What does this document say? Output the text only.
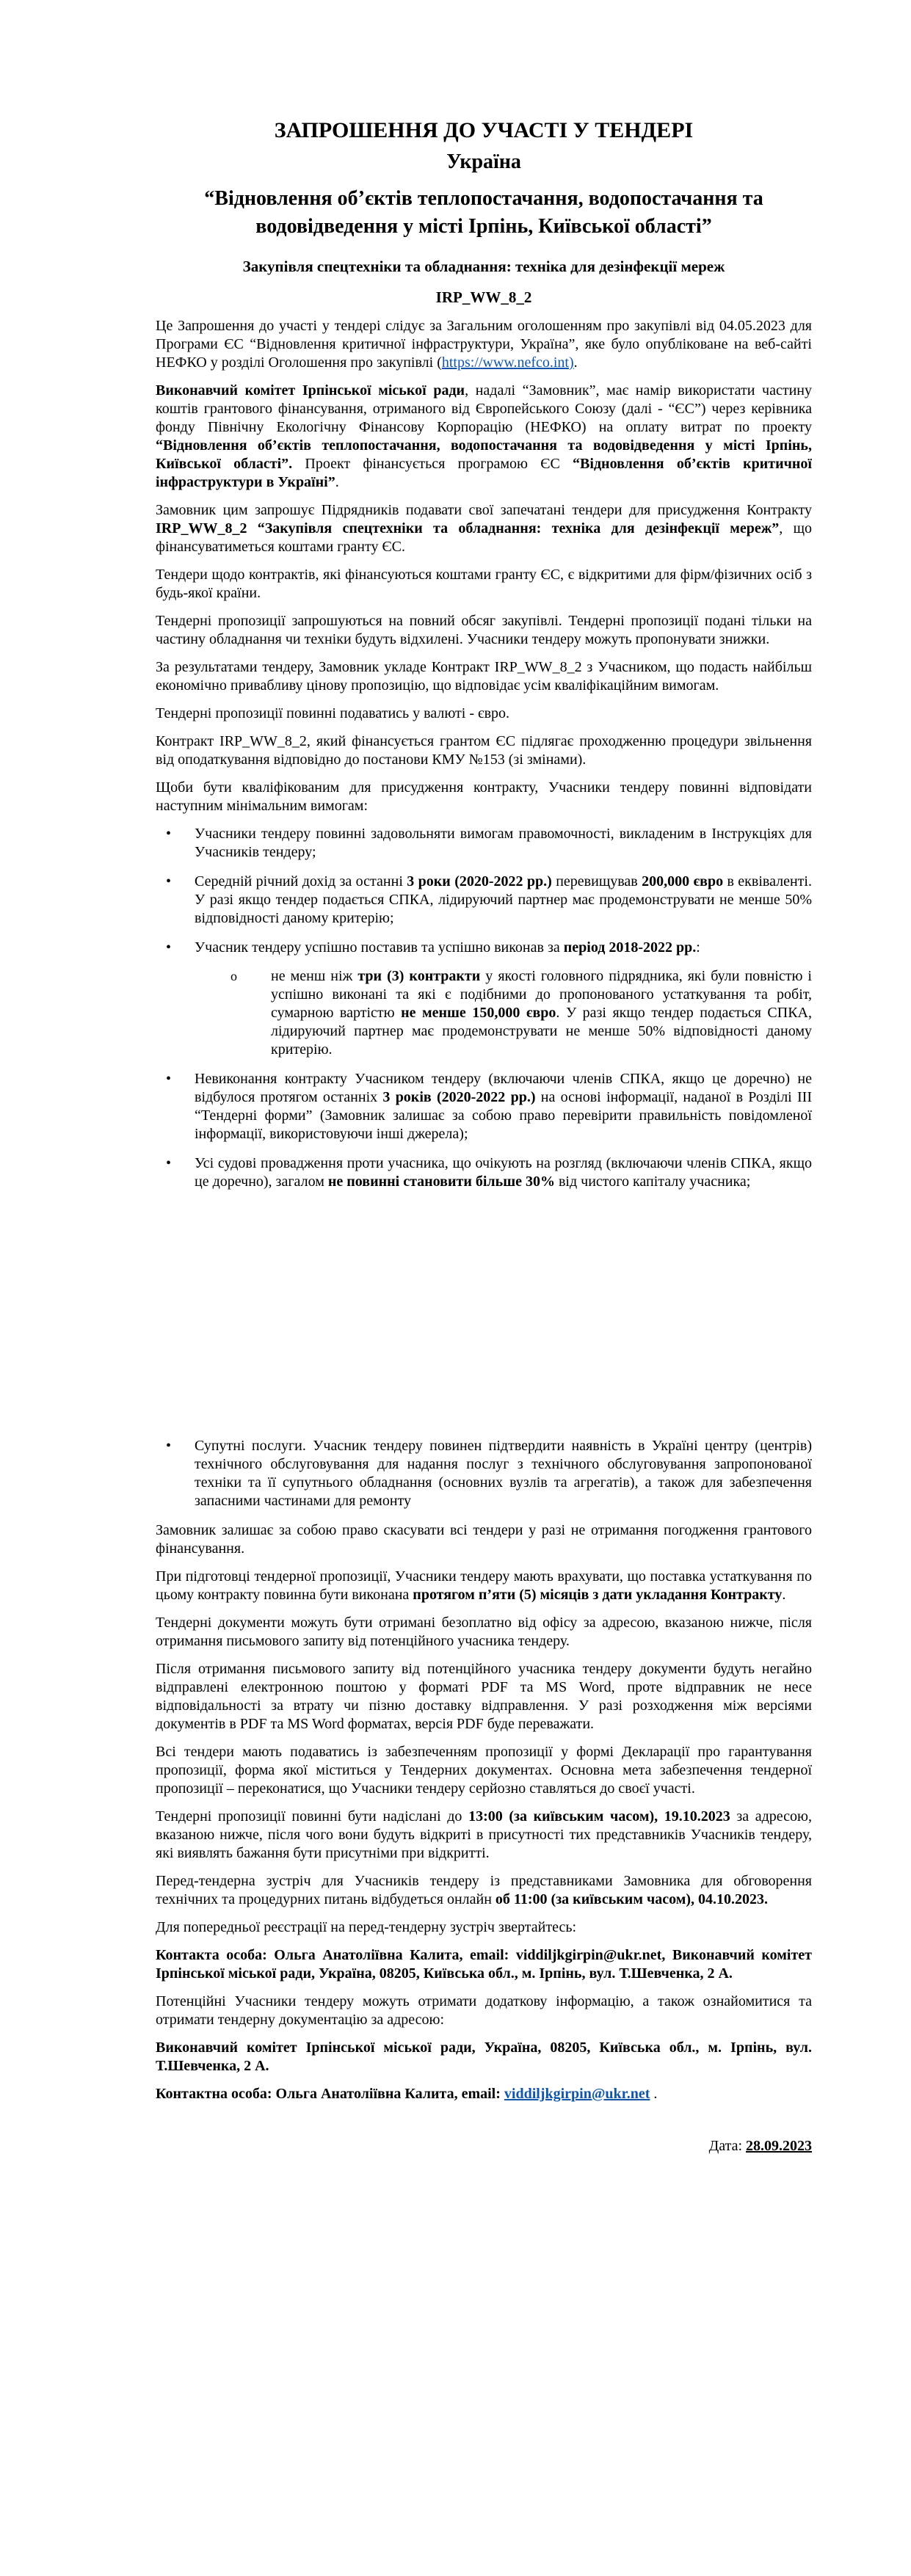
ЗАПРОШЕННЯ ДО УЧАСТІ У ТЕНДЕРІ
Україна
“Відновлення об’єктів теплопостачання, водопостачання та водовідведення у місті Ірпінь, Київської області”
Закупівля спецтехніки та обладнання: техніка для дезінфекції мереж
IRP_WW_8_2

Це Запрошення до участі у тендері слідує за Загальним оголошенням про закупівлі від 04.05.2023 для Програми ЄС “Відновлення критичної інфраструктури, Україна”, яке було опубліковане на веб-сайті НЕФКО у розділі Оголошення про закупівлі (https://www.nefco.int).

Виконавчий комітет Ірпінської міської ради, надалі “Замовник”, має намір використати частину коштів грантового фінансування, отриманого від Європейського Союзу (далі - “ЄС”) через керівника фонду Північну Екологічну Фінансову Корпорацію (НЕФКО) на оплату витрат по проекту “Відновлення об’єктів теплопостачання, водопостачання та водовідведення у місті Ірпінь, Київської області”. Проект фінансується програмою ЄС “Відновлення об’єктів критичної інфраструктури в Україні”.

Замовник цим запрошує Підрядників подавати свої запечатані тендери для присудження Контракту IRP_WW_8_2 “Закупівля спецтехніки та обладнання: техніка для дезінфекції мереж”, що фінансуватиметься коштами гранту ЄС.

Тендери щодо контрактів, які фінансуються коштами гранту ЄС, є відкритими для фірм/фізичних осіб з будь-якої країни.

Тендерні пропозиції запрошуються на повний обсяг закупівлі. Тендерні пропозиції подані тільки на частину обладнання чи техніки будуть відхилені. Учасники тендеру можуть пропонувати знижки.

За результатами тендеру, Замовник укладе Контракт IRP_WW_8_2 з Учасником, що подасть найбільш економічно привабливу цінову пропозицію, що відповідає усім кваліфікаційним вимогам.

Тендерні пропозиції повинні подаватись у валюті - євро.

Контракт IRP_WW_8_2, який фінансується грантом ЄС підлягає проходженню процедури звільнення від оподаткування відповідно до постанови КМУ №153 (зі змінами).

Щоби бути кваліфікованим для присудження контракту, Учасники тендеру повинні відповідати наступним мінімальним вимогам:

• Учасники тендеру повинні задовольняти вимогам правомочності, викладеним в Інструкціях для Учасників тендеру;
• Середній річний дохід за останні 3 роки (2020-2022 рр.) перевищував 200,000 євро в еквіваленті. У разі якщо тендер подається СПКА, лідируючий партнер має продемонструвати не менше 50% відповідності даному критерію;
• Учасник тендеру успішно поставив та успішно виконав за період 2018-2022 рр.:
o не менш ніж три (3) контракти у якості головного підрядника, які були повністю і успішно виконані та які є подібними до пропонованого устаткування та робіт, сумарною вартістю не менше 150,000 євро. У разі якщо тендер подається СПКА, лідируючий партнер має продемонструвати не менше 50% відповідності даному критерію.
• Невиконання контракту Учасником тендеру (включаючи членів СПКА, якщо це доречно) не відбулося протягом останніх 3 років (2020-2022 рр.) на основі інформації, наданої в Розділі III “Тендерні форми” (Замовник залишає за собою право перевірити правильність повідомленої інформації, використовуючи інші джерела);
• Усі судові провадження проти учасника, що очікують на розгляд (включаючи членів СПКА, якщо це доречно), загалом не повинні становити більше 30% від чистого капіталу учасника;
• Супутні послуги. Учасник тендеру повинен підтвердити наявність в Україні центру (центрів) технічного обслуговування для надання послуг з технічного обслуговування запропонованої техніки та її супутнього обладнання (основних вузлів та агрегатів), а також для забезпечення запасними частинами для ремонту

Замовник залишає за собою право скасувати всі тендери у разі не отримання погодження грантового фінансування.

При підготовці тендерної пропозиції, Учасники тендеру мають врахувати, що поставка устаткування по цьому контракту повинна бути виконана протягом п’яти (5) місяців з дати укладання Контракту.

Тендерні документи можуть бути отримані безоплатно від офісу за адресою, вказаною нижче, після отримання письмового запиту від потенційного учасника тендеру.

Після отримання письмового запиту від потенційного учасника тендеру документи будуть негайно відправлені електронною поштою у форматі PDF та MS Word, проте відправник не несе відповідальності за втрату чи пізню доставку відправлення. У разі розходження між версіями документів в PDF та MS Word форматах, версія PDF буде переважати.

Всі тендери мають подаватись із забезпеченням пропозиції у формі Декларації про гарантування пропозиції, форма якої міститься у Тендерних документах. Основна мета забезпечення тендерної пропозиції – переконатися, що Учасники тендеру серйозно ставляться до своєї участі.

Тендерні пропозиції повинні бути надіслані до 13:00 (за київським часом), 19.10.2023 за адресою, вказаною нижче, після чого вони будуть відкриті в присутності тих представників Учасників тендеру, які виявлять бажання бути присутніми при відкритті.

Перед-тендерна зустріч для Учасників тендеру із представниками Замовника для обговорення технічних та процедурних питань відбудеться онлайн об 11:00 (за київським часом), 04.10.2023.

Для попередньої реєстрації на перед-тендерну зустріч звертайтесь:

Контакта особа: Ольга Анатоліївна Калита, email: viddiljkgirpin@ukr.net, Виконавчий комітет Ірпінської міської ради, Україна, 08205, Київська обл., м. Ірпінь, вул. Т.Шевченка, 2 А.

Потенційні Учасники тендеру можуть отримати додаткову інформацію, а також ознайомитися та отримати тендерну документацію за адресою:

Виконавчий комітет Ірпінської міської ради, Україна, 08205, Київська обл., м. Ірпінь, вул. Т.Шевченка, 2 А.

Контактна особа: Ольга Анатоліївна Калита, email: viddiljkgirpin@ukr.net .

Дата: 28.09.2023
